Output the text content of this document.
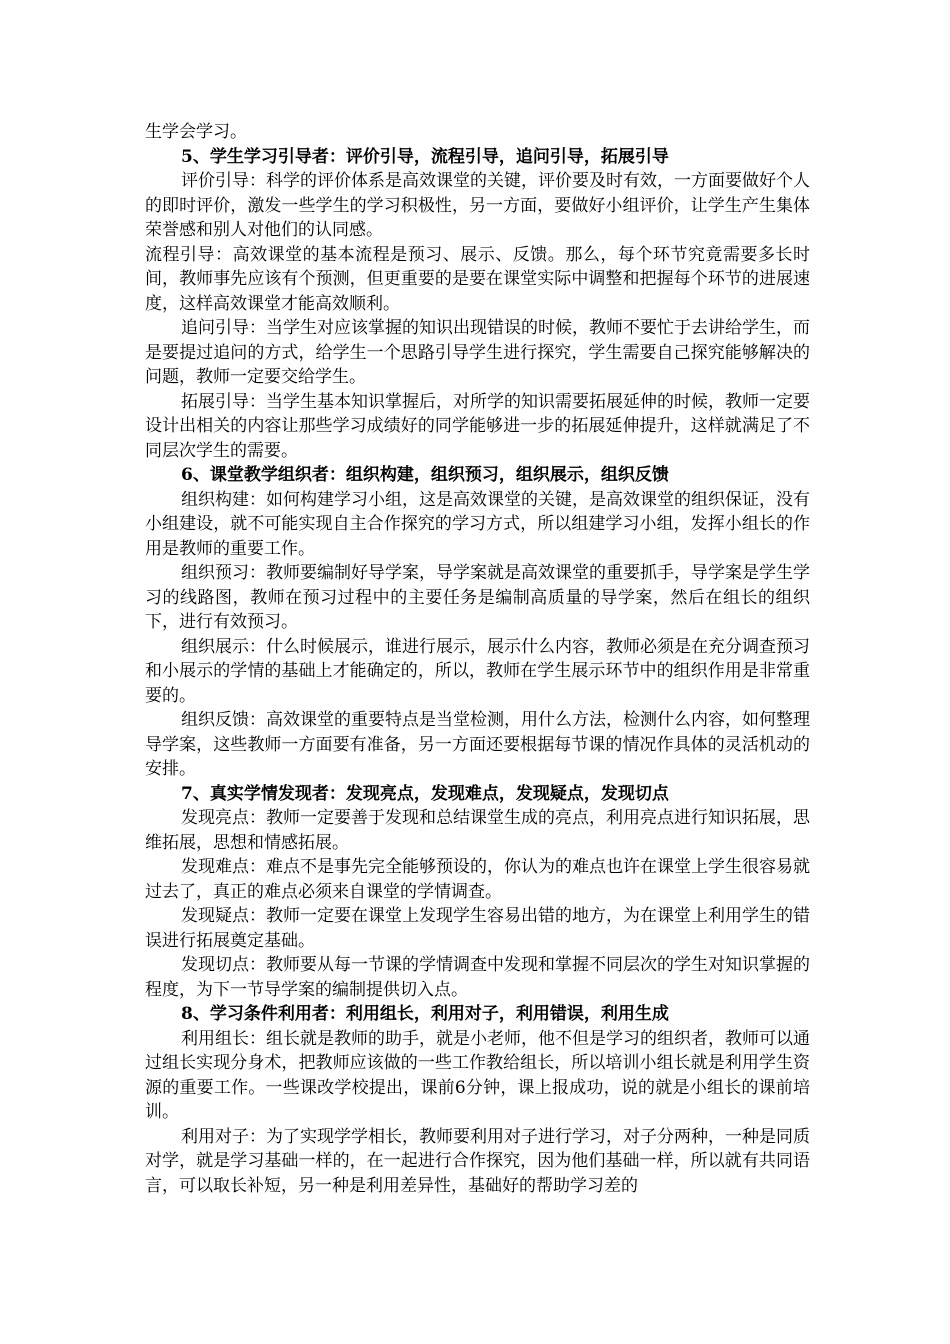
生学会学习。

5、学生学习引导者：评价引导，流程引导，追问引导，拓展引导

评价引导：科学的评价体系是高效课堂的关键，评价要及时有效，一方面要做好个人的即时评价，激发一些学生的学习积极性，另一方面，要做好小组评价，让学生产生集体荣誉感和别人对他们的认同感。

流程引导：高效课堂的基本流程是预习、展示、反馈。那么，每个环节究竟需要多长时间，教师事先应该有个预测，但更重要的是要在课堂实际中调整和把握每个环节的进展速度，这样高效课堂才能高效顺利。

追问引导：当学生对应该掌握的知识出现错误的时候，教师不要忙于去讲给学生，而是要提过追问的方式，给学生一个思路引导学生进行探究，学生需要自己探究能够解决的问题，教师一定要交给学生。

拓展引导：当学生基本知识掌握后，对所学的知识需要拓展延伸的时候，教师一定要设计出相关的内容让那些学习成绩好的同学能够进一步的拓展延伸提升，这样就满足了不同层次学生的需要。

6、课堂教学组织者：组织构建，组织预习，组织展示，组织反馈

组织构建：如何构建学习小组，这是高效课堂的关键，是高效课堂的组织保证，没有小组建设，就不可能实现自主合作探究的学习方式，所以组建学习小组，发挥小组长的作用是教师的重要工作。

组织预习：教师要编制好导学案，导学案就是高效课堂的重要抓手，导学案是学生学习的线路图，教师在预习过程中的主要任务是编制高质量的导学案，然后在组长的组织下，进行有效预习。

组织展示：什么时候展示，谁进行展示，展示什么内容，教师必须是在充分调查预习和小展示的学情的基础上才能确定的，所以，教师在学生展示环节中的组织作用是非常重要的。

组织反馈：高效课堂的重要特点是当堂检测，用什么方法，检测什么内容，如何整理导学案，这些教师一方面要有准备，另一方面还要根据每节课的情况作具体的灵活机动的安排。

7、真实学情发现者：发现亮点，发现难点，发现疑点，发现切点

发现亮点：教师一定要善于发现和总结课堂生成的亮点，利用亮点进行知识拓展，思维拓展，思想和情感拓展。

发现难点：难点不是事先完全能够预设的，你认为的难点也许在课堂上学生很容易就过去了，真正的难点必须来自课堂的学情调查。

发现疑点：教师一定要在课堂上发现学生容易出错的地方，为在课堂上利用学生的错误进行拓展奠定基础。

发现切点：教师要从每一节课的学情调查中发现和掌握不同层次的学生对知识掌握的程度，为下一节导学案的编制提供切入点。

8、学习条件利用者：利用组长，利用对子，利用错误，利用生成

利用组长：组长就是教师的助手，就是小老师，他不但是学习的组织者，教师可以通过组长实现分身术，把教师应该做的一些工作教给组长，所以培训小组长就是利用学生资源的重要工作。一些课改学校提出，课前6分钟，课上报成功，说的就是小组长的课前培训。

利用对子：为了实现学学相长，教师要利用对子进行学习，对子分两种，一种是同质对学，就是学习基础一样的，在一起进行合作探究，因为他们基础一样，所以就有共同语言，可以取长补短，另一种是利用差异性，基础好的帮助学习差的
